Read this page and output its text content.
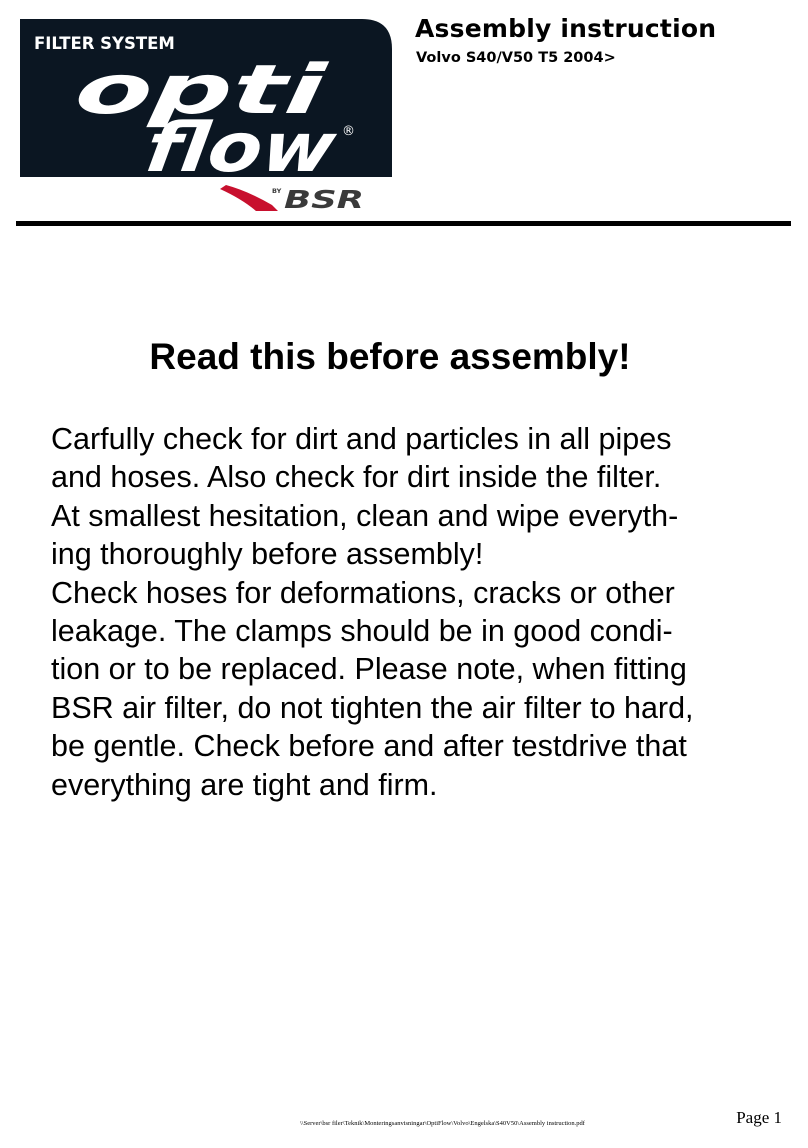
FILTER SYSTEM
opti
flow	®
BY BSR
Assembly instruction
Volvo S40/V50 T5 2004>
Read this before assembly!
Carfully check for dirt and particles in all pipes
and hoses. Also check for dirt inside the filter.
At smallest hesitation, clean and wipe everyth-
ing thoroughly before assembly!
Check hoses for deformations, cracks or other
leakage. The clamps should be in good condi-
tion or to be replaced. Please note, when fitting
BSR air filter, do not tighten the air filter to hard,
be gentle. Check before and after testdrive that
everything are tight and firm.
\\Server\bsr filer\Teknik\Monteringsanvisningar\OptiFlow\Volvo\Engelska\S40V50\Assembly instruction.pdf	Page 1
